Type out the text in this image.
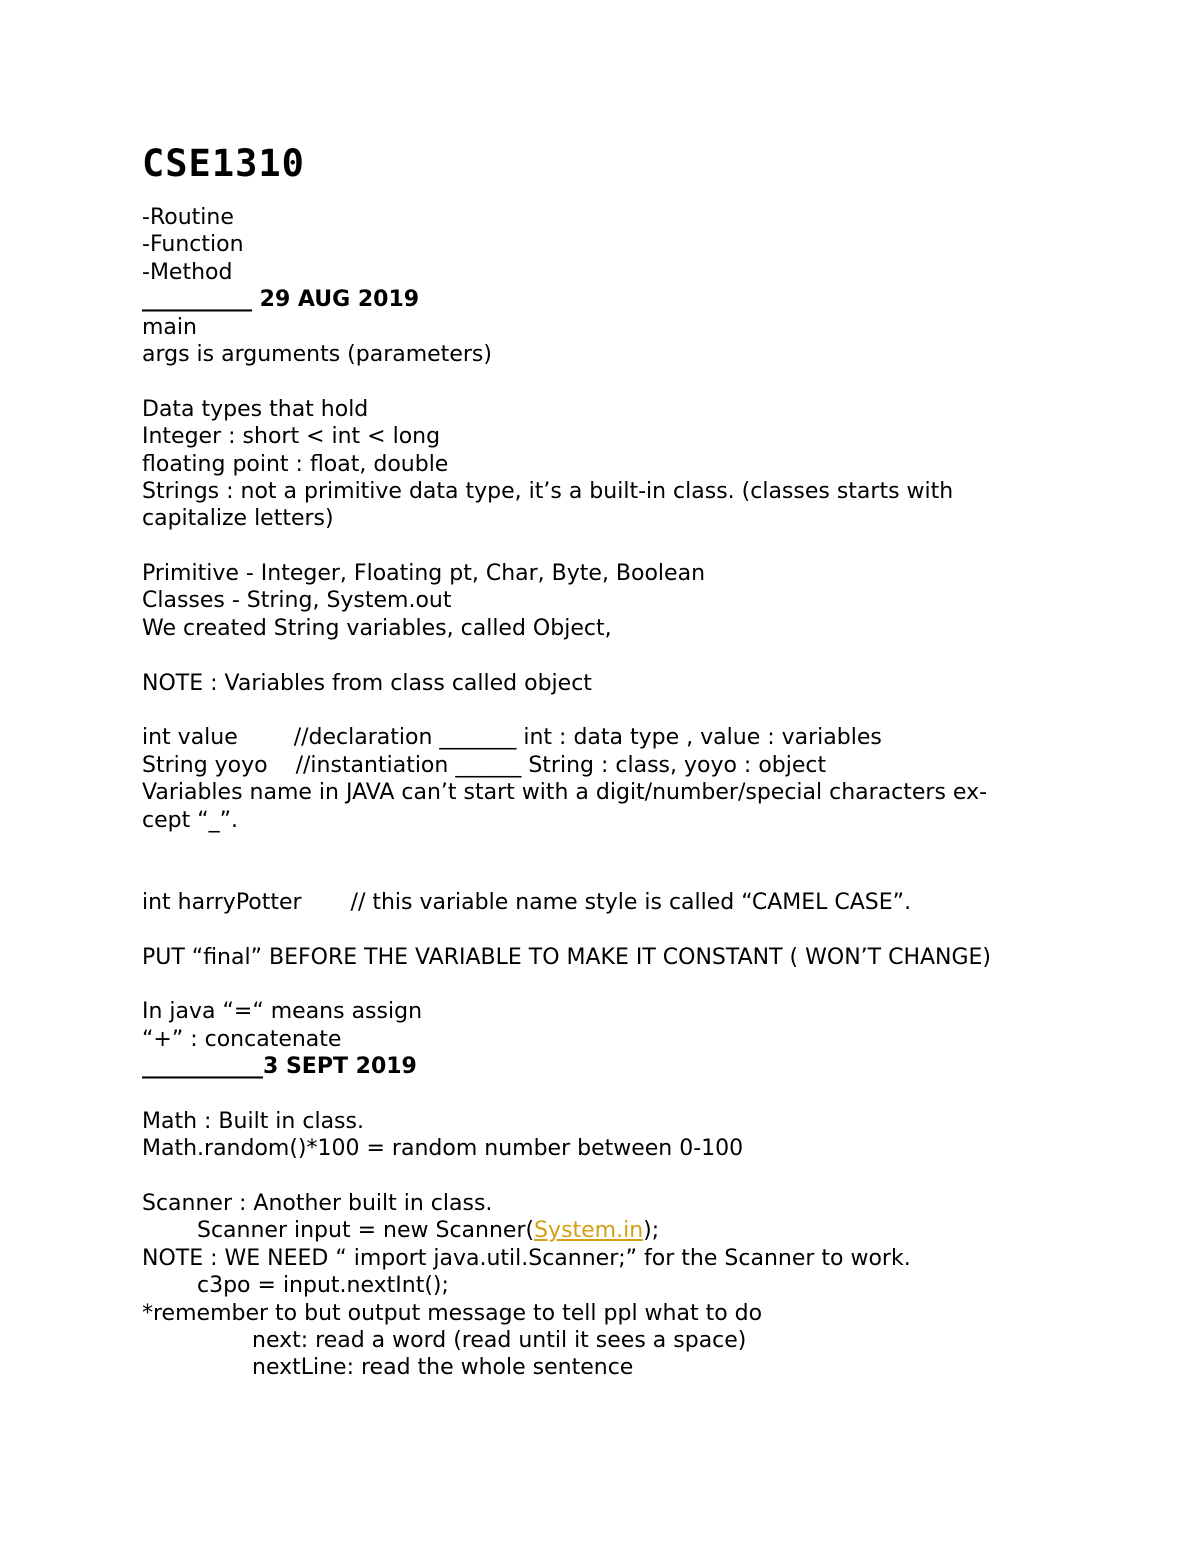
CSE1310
-Routine
-Function
-Method
__________ 29 AUG 2019
main
args is arguments (parameters)
Data types that hold
Integer : short < int < long
floating point : float, double
Strings : not a primitive data type, it’s a built-in class. (classes starts with
capitalize letters)
Primitive - Integer, Floating pt, Char, Byte, Boolean
Classes - String, System.out
We created String variables, called Object,
NOTE : Variables from class called object
int value        //declaration _______ int : data type , value : variables
String yoyo    //instantiation ______ String : class, yoyo : object
Variables name in JAVA can’t start with a digit/number/special characters ex-
cept “_”.
int harryPotter       // this variable name style is called “CAMEL CASE”.
PUT “final” BEFORE THE VARIABLE TO MAKE IT CONSTANT ( WON’T CHANGE)
In java “=“ means assign
“+” : concatenate
___________3 SEPT 2019
Math : Built in class.
Math.random()*100 = random number between 0-100
Scanner : Another built in class.
Scanner input = new Scanner(System.in);
NOTE : WE NEED “ import java.util.Scanner;” for the Scanner to work.
c3po = input.nextInt();
*remember to but output message to tell ppl what to do
next: read a word (read until it sees a space)
nextLine: read the whole sentence
